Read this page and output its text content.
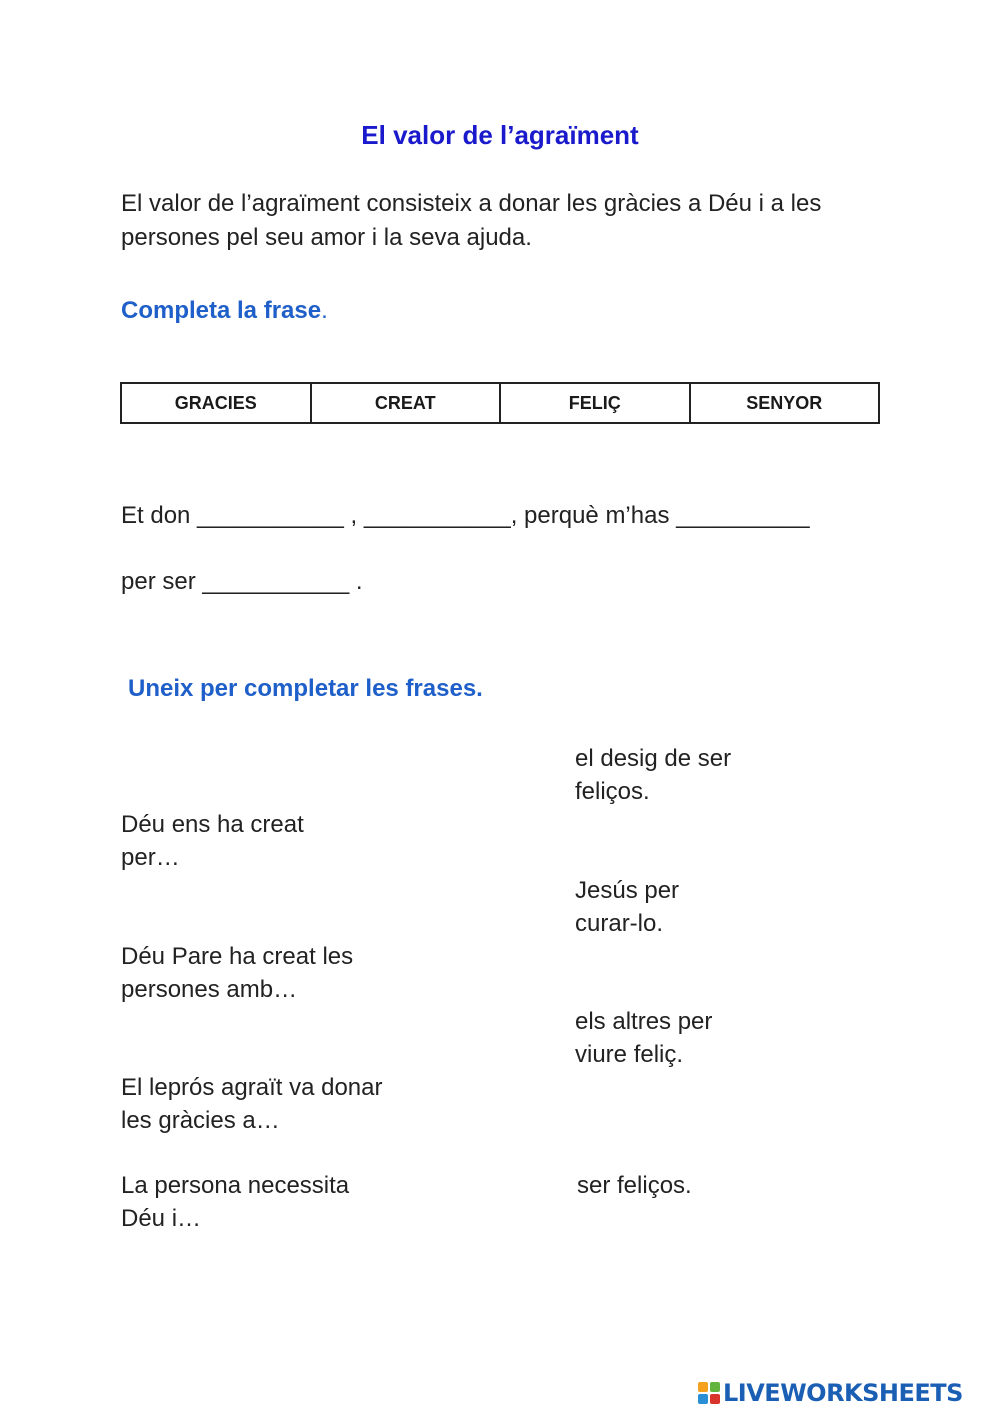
El valor de l’agraïment
El valor de l’agraïment consisteix a donar les gràcies a Déu i a les persones pel seu amor i la seva ajuda.
Completa la frase.
GRACIES	CREAT	FELIÇ	SENYOR
Et don ___________ , ___________, perquè m’has __________
per ser ___________ .
Uneix per completar les frases.
Déu ens ha creat
per…
Déu Pare ha creat les
persones amb…
El leprós agraït va donar
les gràcies a…
La persona necessita
Déu i…
el desig de ser
feliços.
Jesús per
curar-lo.
els altres per
viure feliç.
ser feliços.
LIVEWORKSHEETS
